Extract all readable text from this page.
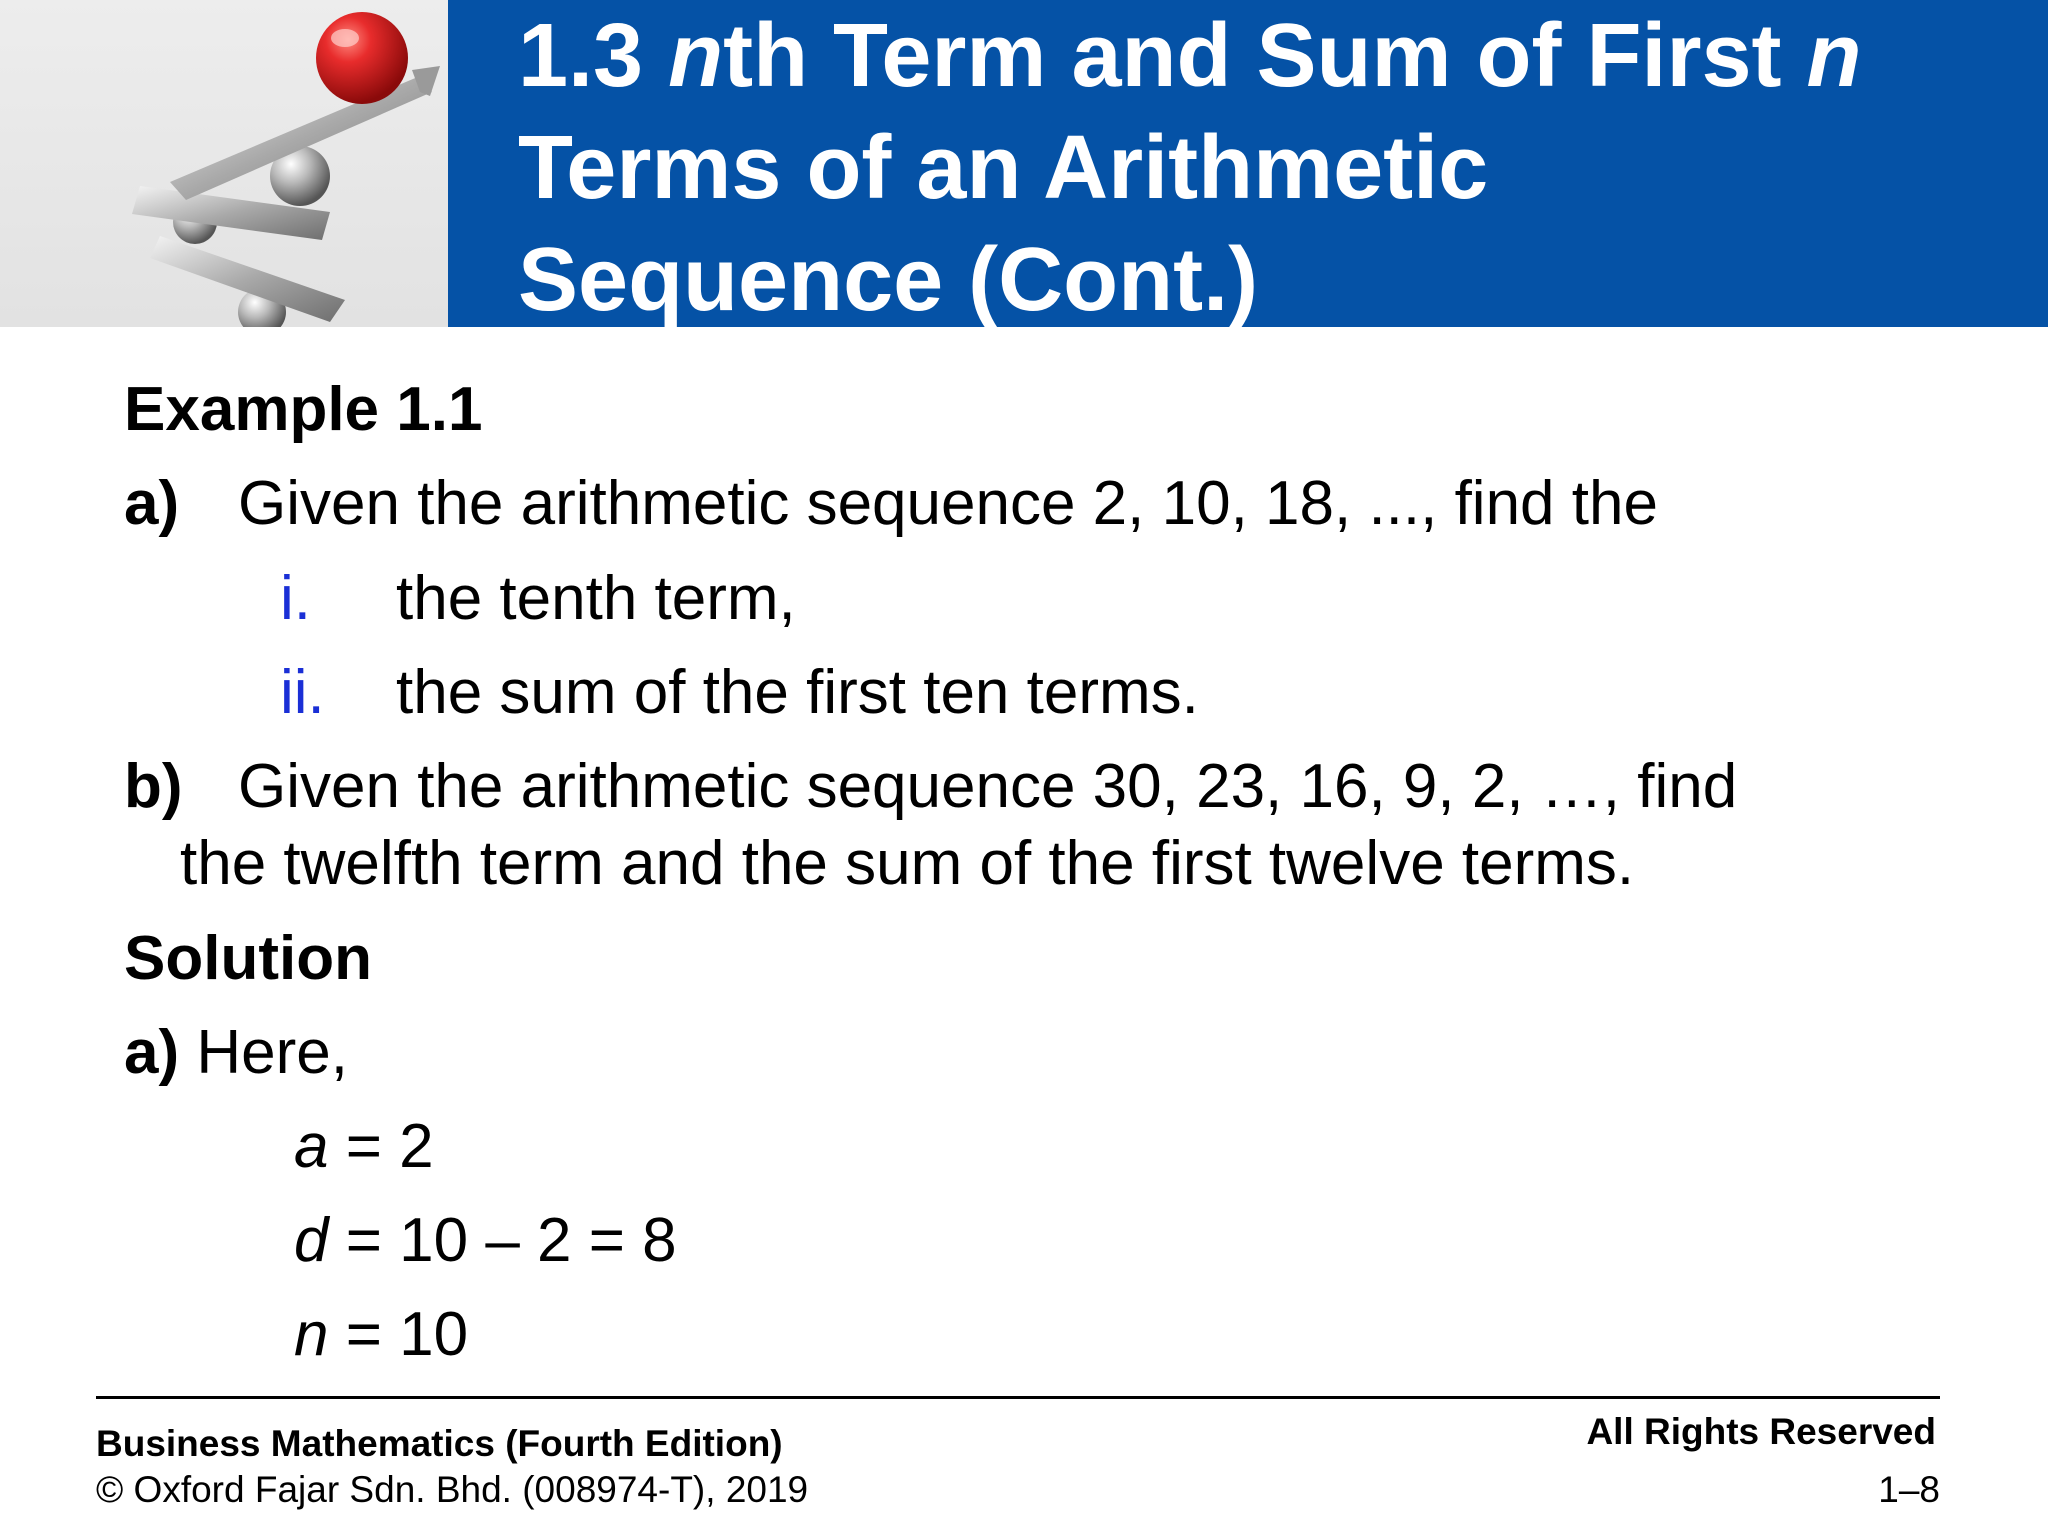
1.3 nth Term and Sum of First n
Terms of an Arithmetic
Sequence (Cont.)
Example 1.1
a) Given the arithmetic sequence 2, 10, 18, ..., find the
i. the tenth term,
ii. the sum of the first ten terms.
b) Given the arithmetic sequence 30, 23, 16, 9, 2, …, find
the twelfth term and the sum of the first twelve terms.
Solution
a) Here,
a = 2
d = 10 – 2 = 8
n = 10
Business Mathematics (Fourth Edition)
© Oxford Fajar Sdn. Bhd. (008974-T), 2019
All Rights Reserved
1–8
